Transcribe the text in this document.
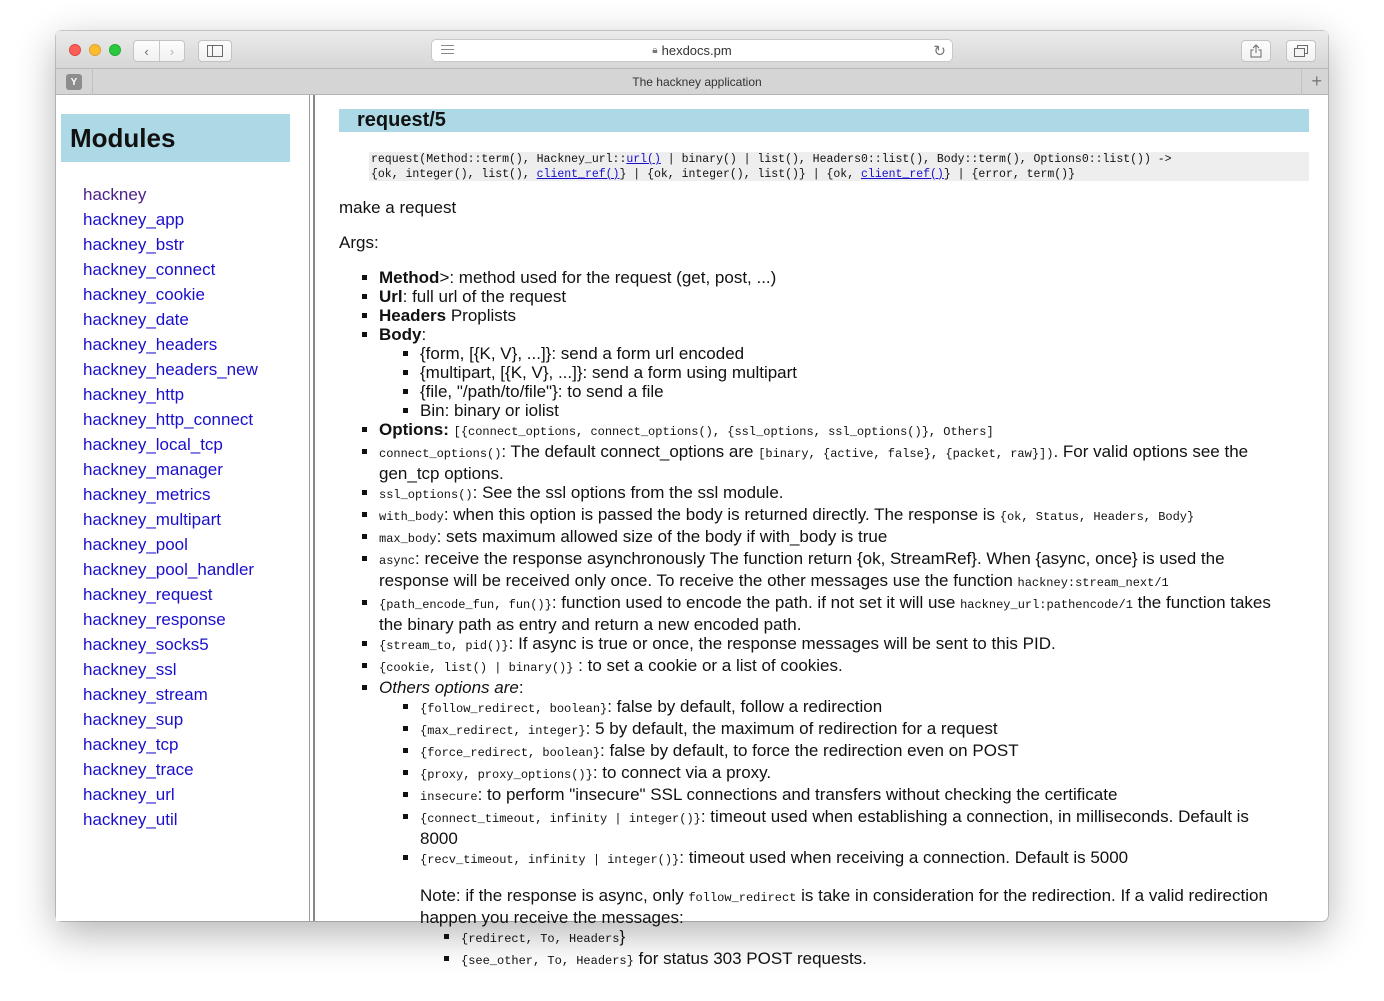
‹ ›	🔒︎ hexdocs.pm	↻
Y	The hackney application	+
Modules
hackney
hackney_app
hackney_bstr
hackney_connect
hackney_cookie
hackney_date
hackney_headers
hackney_headers_new
hackney_http
hackney_http_connect
hackney_local_tcp
hackney_manager
hackney_metrics
hackney_multipart
hackney_pool
hackney_pool_handler
hackney_request
hackney_response
hackney_socks5
hackney_ssl
hackney_stream
hackney_sup
hackney_tcp
hackney_trace
hackney_url
hackney_util
request/5
request(Method::term(), Hackney_url::url() | binary() | list(), Headers0::list(), Body::term(), Options0::list()) ->
{ok, integer(), list(), client_ref()} | {ok, integer(), list()} | {ok, client_ref()} | {error, term()}

make a request

Args:

▪ Method>: method used for the request (get, post, ...)
▪ Url: full url of the request
▪ Headers Proplists
▪ Body:
▪ {form, [{K, V}, ...]}: send a form url encoded
▪ {multipart, [{K, V}, ...]}: send a form using multipart
▪ {file, "/path/to/file"}: to send a file
▪ Bin: binary or iolist
▪ Options: [{connect_options, connect_options(), {ssl_options, ssl_options()}, Others]
▪ connect_options(): The default connect_options are [binary, {active, false}, {packet, raw}]). For valid options see the gen_tcp options.
▪ ssl_options(): See the ssl options from the ssl module.
▪ with_body: when this option is passed the body is returned directly. The response is {ok, Status, Headers, Body}
▪ max_body: sets maximum allowed size of the body if with_body is true
▪ async: receive the response asynchronously The function return {ok, StreamRef}. When {async, once} is used the response will be received only once. To receive the other messages use the function hackney:stream_next/1
▪ {path_encode_fun, fun()}: function used to encode the path. if not set it will use hackney_url:pathencode/1 the function takes the binary path as entry and return a new encoded path.
▪ {stream_to, pid()}: If async is true or once, the response messages will be sent to this PID.
▪ {cookie, list() | binary()} : to set a cookie or a list of cookies.
▪ Others options are:
▪ {follow_redirect, boolean}: false by default, follow a redirection
▪ {max_redirect, integer}: 5 by default, the maximum of redirection for a request
▪ {force_redirect, boolean}: false by default, to force the redirection even on POST
▪ {proxy, proxy_options()}: to connect via a proxy.
▪ insecure: to perform "insecure" SSL connections and transfers without checking the certificate
▪ {connect_timeout, infinity | integer()}: timeout used when establishing a connection, in milliseconds. Default is 8000
▪ {recv_timeout, infinity | integer()}: timeout used when receiving a connection. Default is 5000
Note: if the response is async, only follow_redirect is take in consideration for the redirection. If a valid redirection happen you receive the messages:
▪ {redirect, To, Headers}
▪ {see_other, To, Headers} for status 303 POST requests.
